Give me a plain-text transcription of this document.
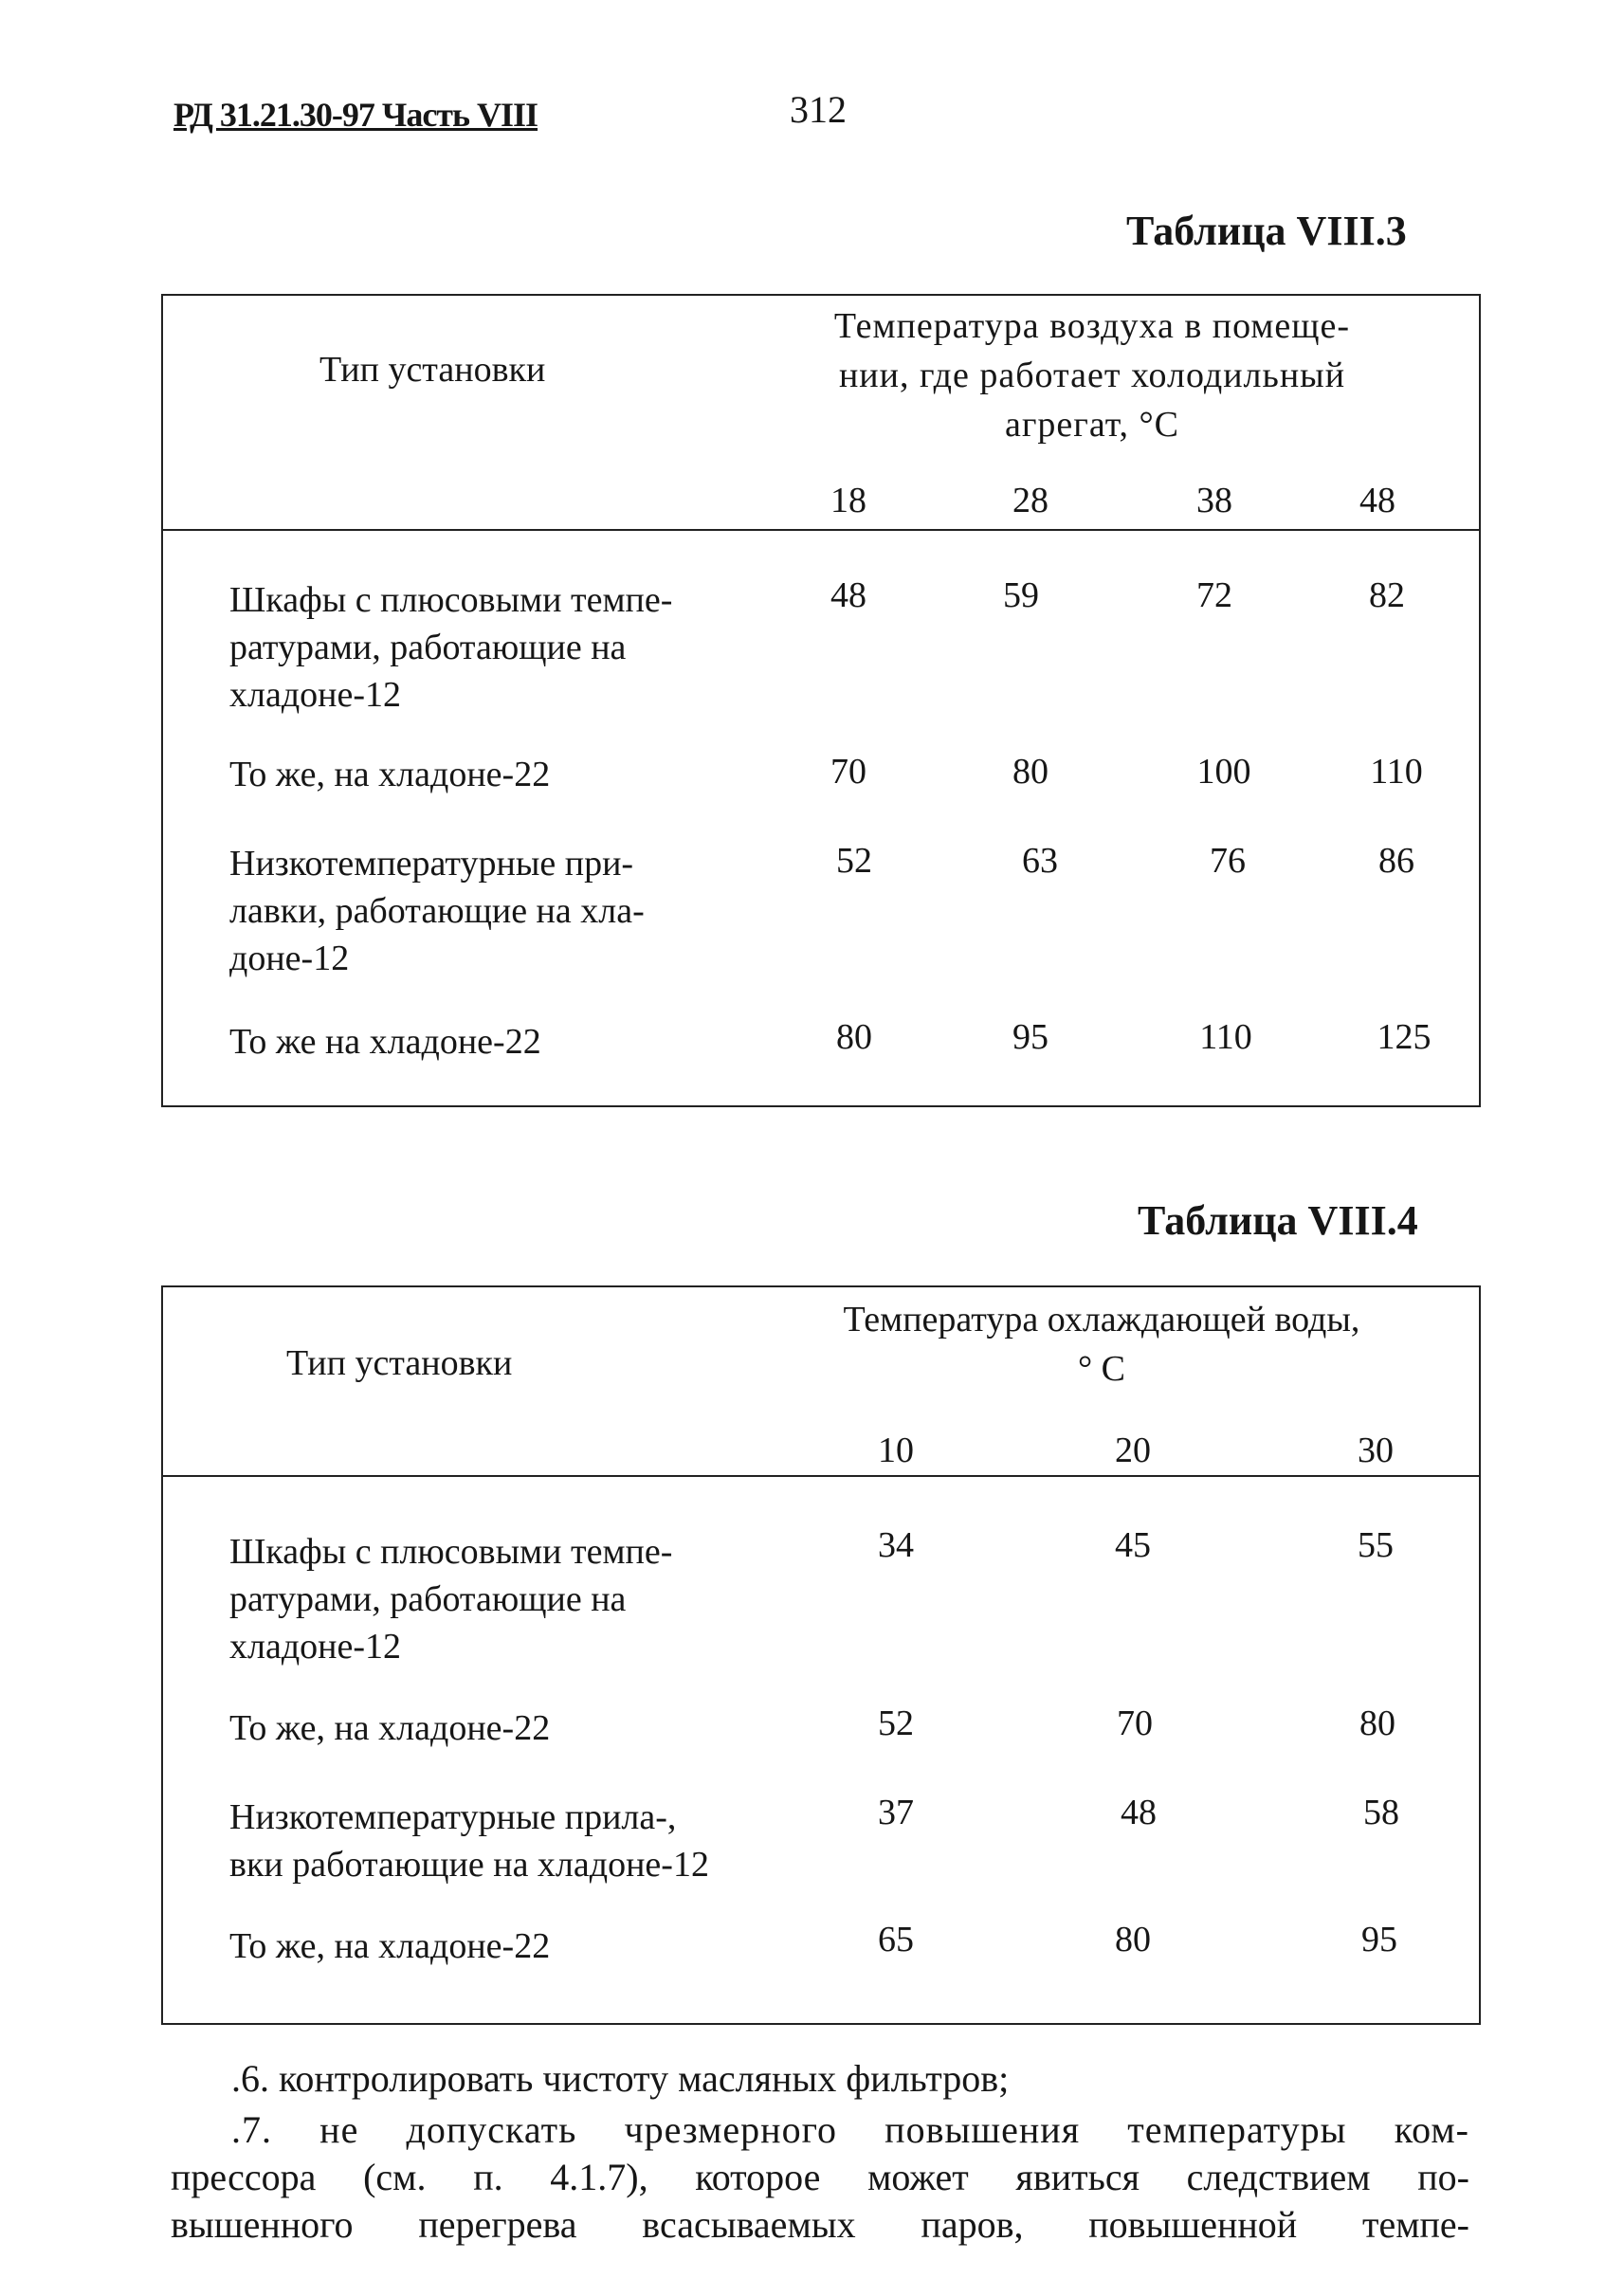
РД 31.21.30-97 Часть VIII	312
Таблица VIII.3
Тип установки
Температура воздуха в помеще-
нии, где работает холодильный
агрегат, °С
18	28	38	48
Шкафы с плюсовыми темпе-
ратурами, работающие на
хладоне-12
48	59	72	82
То же, на хладоне-22	70	80	100	110
Низкотемпературные при-
лавки, работающие на хла-
доне-12
52	63	76	86
То же на хладоне-22	80	95	110	125
Таблица VIII.4
Тип установки
Температура охлаждающей воды,
° С
10	20	30
Шкафы с плюсовыми темпе-
ратурами, работающие на
хладоне-12
34	45	55
То же, на хладоне-22	52	70	80
Низкотемпературные прила-,
вки работающие на хладоне-12
37	48	58
То же, на хладоне-22	65	80	95
.6. контролировать чистоту масляных фильтров;
.7. не допускать чрезмерного повышения температуры ком-
прессора (см. п. 4.1.7), которое может явиться следствием по-
вышенного перегрева всасываемых паров, повышенной темпе-
